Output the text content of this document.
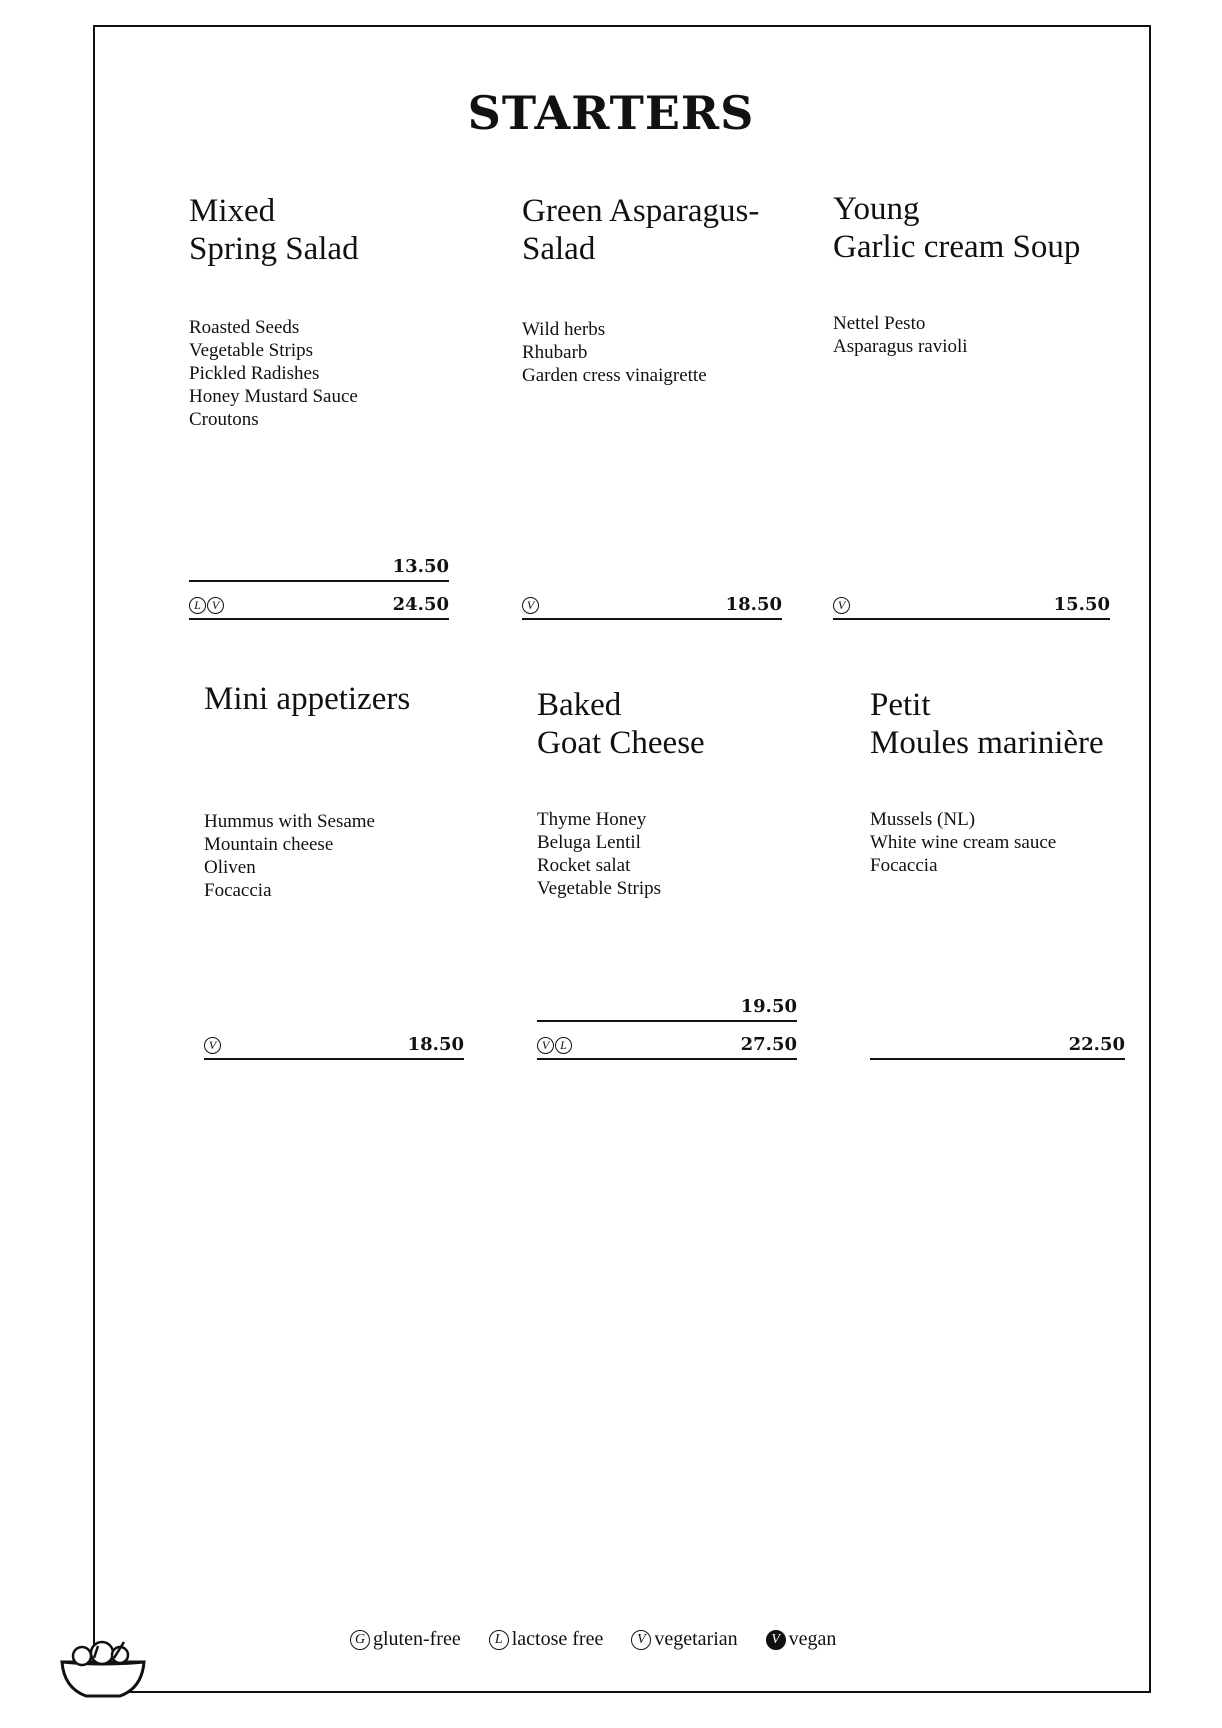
STARTERS
Mixed
Spring Salad
Roasted Seeds
Vegetable Strips
Pickled Radishes
Honey Mustard Sauce
Croutons
13.50
L V	24.50
Green Asparagus-
Salad
Wild herbs
Rhubarb
Garden cress vinaigrette
V	18.50
Young
Garlic cream Soup
Nettel Pesto
Asparagus ravioli
V	15.50
Mini appetizers
Hummus with Sesame
Mountain cheese
Oliven
Focaccia
V	18.50
Baked
Goat Cheese
Thyme Honey
Beluga Lentil
Rocket salat
Vegetable Strips
19.50
V L	27.50
Petit
Moules marinière
Mussels (NL)
White wine cream sauce
Focaccia
22.50
G gluten-free	L lactose free	V vegetarian	V vegan
